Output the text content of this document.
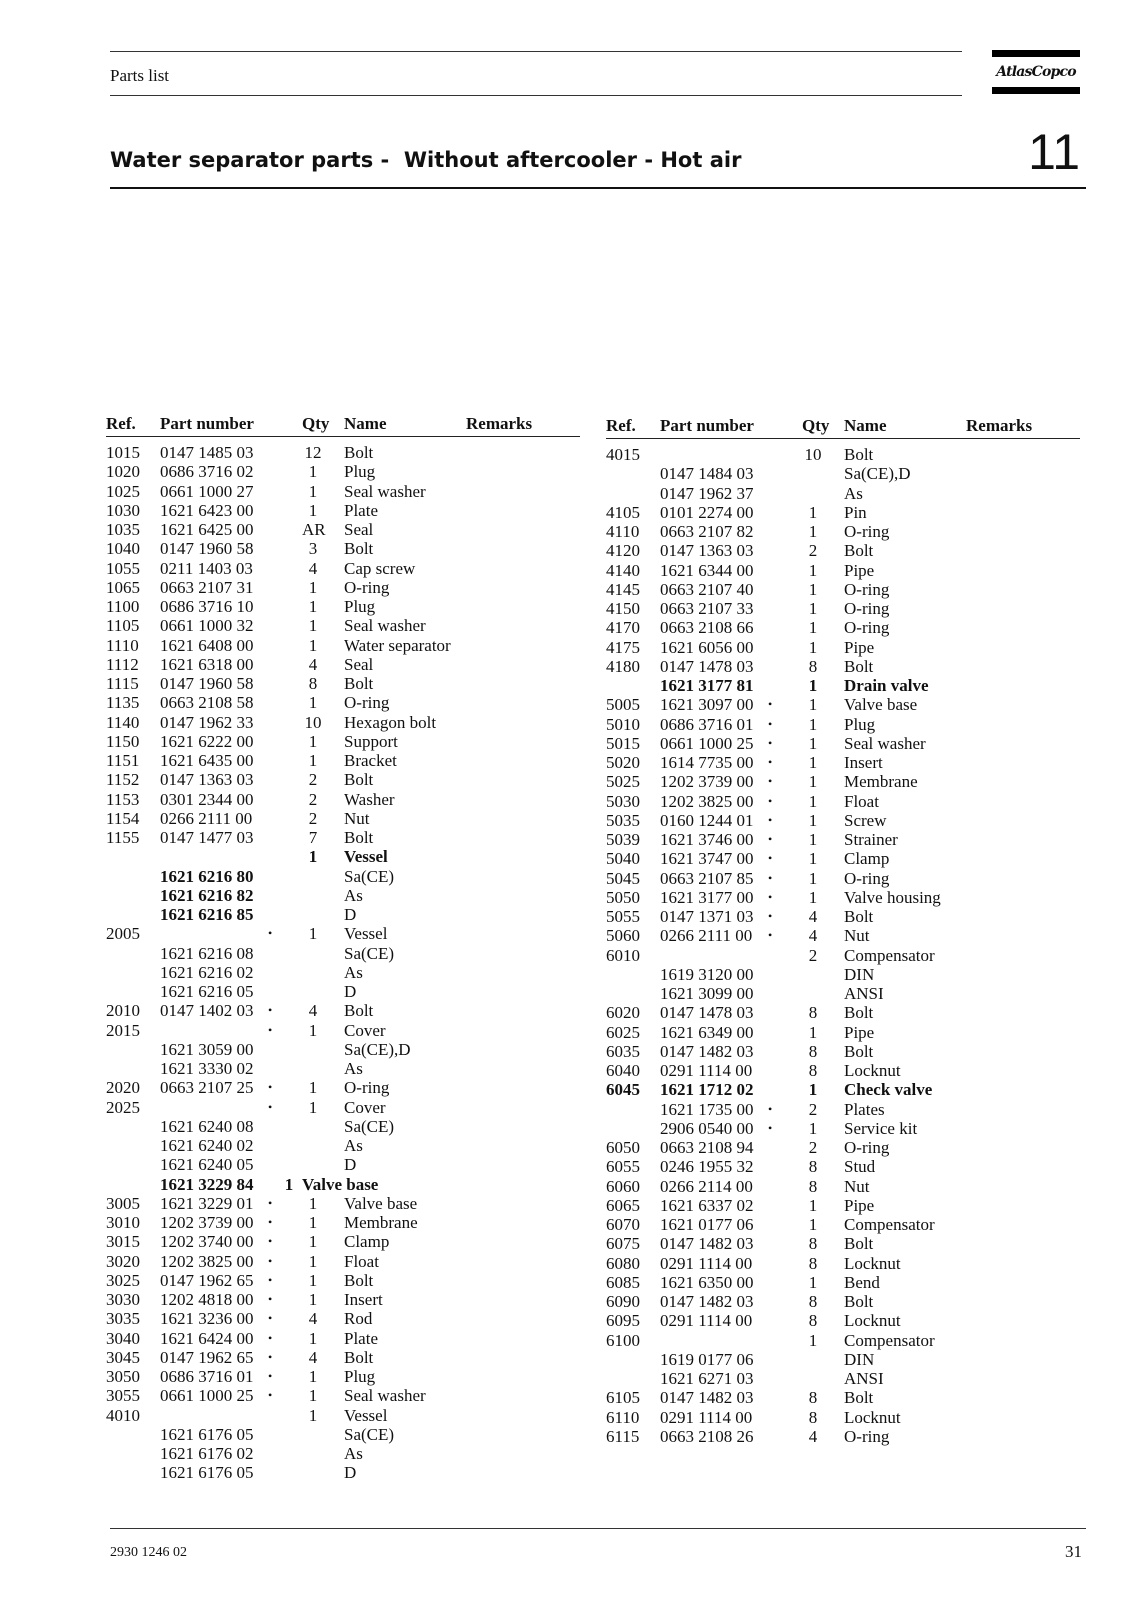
Parts list	AtlasCopco
Water separator parts -  Without aftercooler - Hot air	11
Ref. Part number	Qty Name	Remarks
1015 0147 1485 03	12 Bolt
1020 0686 3716 02	1	Plug
1025 0661 1000 27	1	Seal washer
1030 1621 6423 00	1	Plate
1035 1621 6425 00	AR Seal
1040 0147 1960 58	3	Bolt
1055 0211 1403 03	4	Cap screw
1065 0663 2107 31	1	O-ring
1100 0686 3716 10	1	Plug
1105 0661 1000 32	1	Seal washer
1110 1621 6408 00	1	Water separator
1112 1621 6318 00	4	Seal
1115 0147 1960 58	8	Bolt
1135 0663 2108 58	1	O-ring
1140 0147 1962 33	10 Hexagon bolt
1150 1621 6222 00	1	Support
1151 1621 6435 00	1	Bracket
1152 0147 1363 03	2	Bolt
1153 0301 2344 00	2	Washer
1154 0266 2111 00	2	Nut
1155 0147 1477 03	7	Bolt
1	Vessel
1621 6216 80	Sa(CE)
1621 6216 82	As
1621 6216 85	D
2005	•	1	Vessel
1621 6216 08	Sa(CE)
1621 6216 02	As
1621 6216 05	D
2010 0147 1402 03 •	4	Bolt
2015	•	1	Cover
1621 3059 00	Sa(CE),D
1621 3330 02	As
2020 0663 2107 25 •	1	O-ring
2025	•	1	Cover
1621 6240 08	Sa(CE)
1621 6240 02	As
1621 6240 05	D
1621 3229 84	1 Valve base
3005 1621 3229 01 •	1	Valve base
3010 1202 3739 00 •	1	Membrane
3015 1202 3740 00 •	1	Clamp
3020 1202 3825 00 •	1	Float
3025 0147 1962 65 •	1	Bolt
3030 1202 4818 00 •	1	Insert
3035 1621 3236 00 •	4	Rod
3040 1621 6424 00 •	1	Plate
3045 0147 1962 65 •	4	Bolt
3050 0686 3716 01 •	1	Plug
3055 0661 1000 25 •	1	Seal washer
4010	1	Vessel
1621 6176 05	Sa(CE)
1621 6176 02	As
1621 6176 05	D
Ref. Part number	Qty Name	Remarks
4015	10 Bolt
0147 1484 03	Sa(CE),D
0147 1962 37	As
4105 0101 2274 00	1	Pin
4110 0663 2107 82	1	O-ring
4120 0147 1363 03	2	Bolt
4140 1621 6344 00	1	Pipe
4145 0663 2107 40	1	O-ring
4150 0663 2107 33	1	O-ring
4170 0663 2108 66	1	O-ring
4175 1621 6056 00	1	Pipe
4180 0147 1478 03	8	Bolt
1621 3177 81	1	Drain valve
5005 1621 3097 00 •	1	Valve base
5010 0686 3716 01 •	1	Plug
5015 0661 1000 25 •	1	Seal washer
5020 1614 7735 00 •	1	Insert
5025 1202 3739 00 •	1	Membrane
5030 1202 3825 00 •	1	Float
5035 0160 1244 01 •	1	Screw
5039 1621 3746 00 •	1	Strainer
5040 1621 3747 00 •	1	Clamp
5045 0663 2107 85 •	1	O-ring
5050 1621 3177 00 •	1	Valve housing
5055 0147 1371 03 •	4	Bolt
5060 0266 2111 00 •	4	Nut
6010	2	Compensator
1619 3120 00	DIN
1621 3099 00	ANSI
6020 0147 1478 03	8	Bolt
6025 1621 6349 00	1	Pipe
6035 0147 1482 03	8	Bolt
6040 0291 1114 00	8	Locknut
6045 1621 1712 02	1	Check valve
1621 1735 00 •	2	Plates
2906 0540 00 •	1	Service kit
6050 0663 2108 94	2	O-ring
6055 0246 1955 32	8	Stud
6060 0266 2114 00	8	Nut
6065 1621 6337 02	1	Pipe
6070 1621 0177 06	1	Compensator
6075 0147 1482 03	8	Bolt
6080 0291 1114 00	8	Locknut
6085 1621 6350 00	1	Bend
6090 0147 1482 03	8	Bolt
6095 0291 1114 00	8	Locknut
6100	1	Compensator
1619 0177 06	DIN
1621 6271 03	ANSI
6105 0147 1482 03	8	Bolt
6110 0291 1114 00	8	Locknut
6115 0663 2108 26	4	O-ring
2930 1246 02	31
